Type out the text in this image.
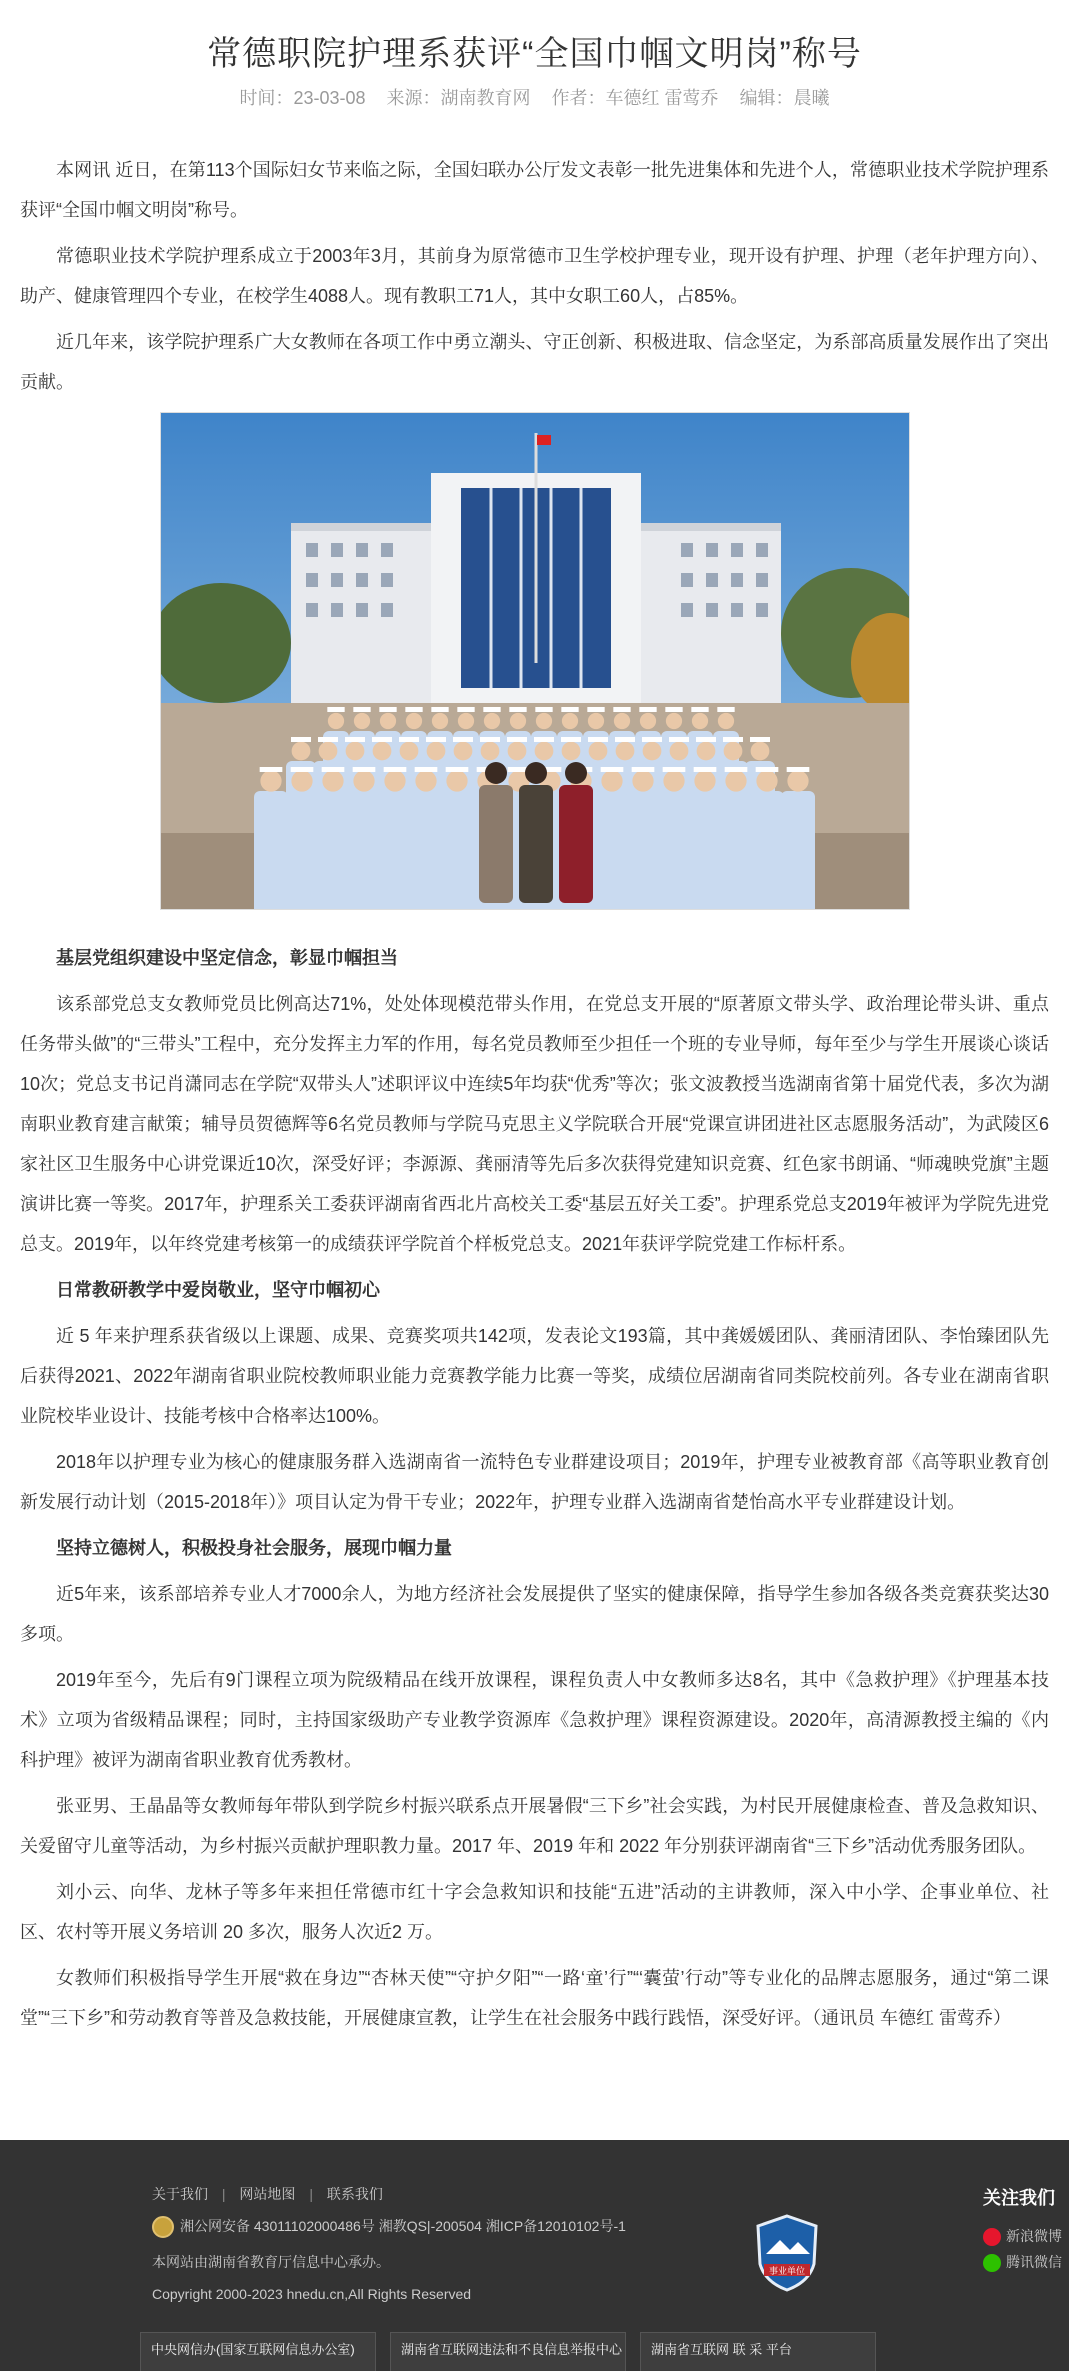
常德职院护理系获评“全国巾帼文明岗”称号
时间：23-03-08 来源：湖南教育网 作者：车德红 雷莺乔 编辑：晨曦

本网讯 近日，在第113个国际妇女节来临之际，全国妇联办公厅发文表彰一批先进集体和先进个人，常德职业技术学院护理系获评“全国巾帼文明岗”称号。

常德职业技术学院护理系成立于2003年3月，其前身为原常德市卫生学校护理专业，现开设有护理、护理（老年护理方向）、助产、健康管理四个专业，在校学生4088人。现有教职工71人，其中女职工60人，占85%。

近几年来，该学院护理系广大女教师在各项工作中勇立潮头、守正创新、积极进取、信念坚定，为系部高质量发展作出了突出贡献。

基层党组织建设中坚定信念，彰显巾帼担当

该系部党总支女教师党员比例高达71%，处处体现模范带头作用，在党总支开展的“原著原文带头学、政治理论带头讲、重点任务带头做”的“三带头”工程中，充分发挥主力军的作用，每名党员教师至少担任一个班的专业导师，每年至少与学生开展谈心谈话10次；党总支书记肖潇同志在学院“双带头人”述职评议中连续5年均获“优秀”等次；张文波教授当选湖南省第十届党代表，多次为湖南职业教育建言献策；辅导员贺德辉等6名党员教师与学院马克思主义学院联合开展“党课宣讲团进社区志愿服务活动”，为武陵区6家社区卫生服务中心讲党课近10次，深受好评；李源源、龚丽清等先后多次获得党建知识竞赛、红色家书朗诵、“师魂映党旗”主题演讲比赛一等奖。2017年，护理系关工委获评湖南省西北片高校关工委“基层五好关工委”。护理系党总支2019年被评为学院先进党总支。2019年，以年终党建考核第一的成绩获评学院首个样板党总支。2021年获评学院党建工作标杆系。

日常教研教学中爱岗敬业，坚守巾帼初心

近 5 年来护理系获省级以上课题、成果、竞赛奖项共142项，发表论文193篇，其中龚媛媛团队、龚丽清团队、李怡臻团队先后获得2021、2022年湖南省职业院校教师职业能力竞赛教学能力比赛一等奖，成绩位居湖南省同类院校前列。各专业在湖南省职业院校毕业设计、技能考核中合格率达100%。

2018年以护理专业为核心的健康服务群入选湖南省一流特色专业群建设项目；2019年，护理专业被教育部《高等职业教育创新发展行动计划（2015-2018年）》项目认定为骨干专业；2022年，护理专业群入选湖南省楚怡高水平专业群建设计划。

坚持立德树人，积极投身社会服务，展现巾帼力量

近5年来，该系部培养专业人才7000余人，为地方经济社会发展提供了坚实的健康保障，指导学生参加各级各类竞赛获奖达30多项。

2019年至今，先后有9门课程立项为院级精品在线开放课程，课程负责人中女教师多达8名，其中《急救护理》《护理基本技术》立项为省级精品课程；同时，主持国家级助产专业教学资源库《急救护理》课程资源建设。2020年，高清源教授主编的《内科护理》被评为湖南省职业教育优秀教材。

张亚男、王晶晶等女教师每年带队到学院乡村振兴联系点开展暑假“三下乡”社会实践，为村民开展健康检查、普及急救知识、关爱留守儿童等活动，为乡村振兴贡献护理职教力量。2017 年、2019 年和 2022 年分别获评湖南省“三下乡”活动优秀服务团队。

刘小云、向华、龙林子等多年来担任常德市红十字会急救知识和技能“五进”活动的主讲教师，深入中小学、企事业单位、社区、农村等开展义务培训 20 多次，服务人次近2 万。

女教师们积极指导学生开展“救在身边”“杏林天使”“守护夕阳”“一路‘童’行”“‘囊萤’行动”等专业化的品牌志愿服务，通过“第二课堂”“三下乡”和劳动教育等普及急救技能，开展健康宣教，让学生在社会服务中践行践悟，深受好评。（通讯员 车德红 雷莺乔）

关于我们 | 网站地图 | 联系我们
湘公网安备 43011102000486号 湘教QS|-200504 湘ICP备12010102号-1
本网站由湖南省教育厅信息中心承办。
Copyright 2000-2023 hnedu.cn,All Rights Reserved
事业单位
关注我们
新浪微博
腾讯微信
中央网信办(国家互联网信息办公室)	湖南省互联网违法和不良信息举报中心	湖南省互联网 联 采 平台
